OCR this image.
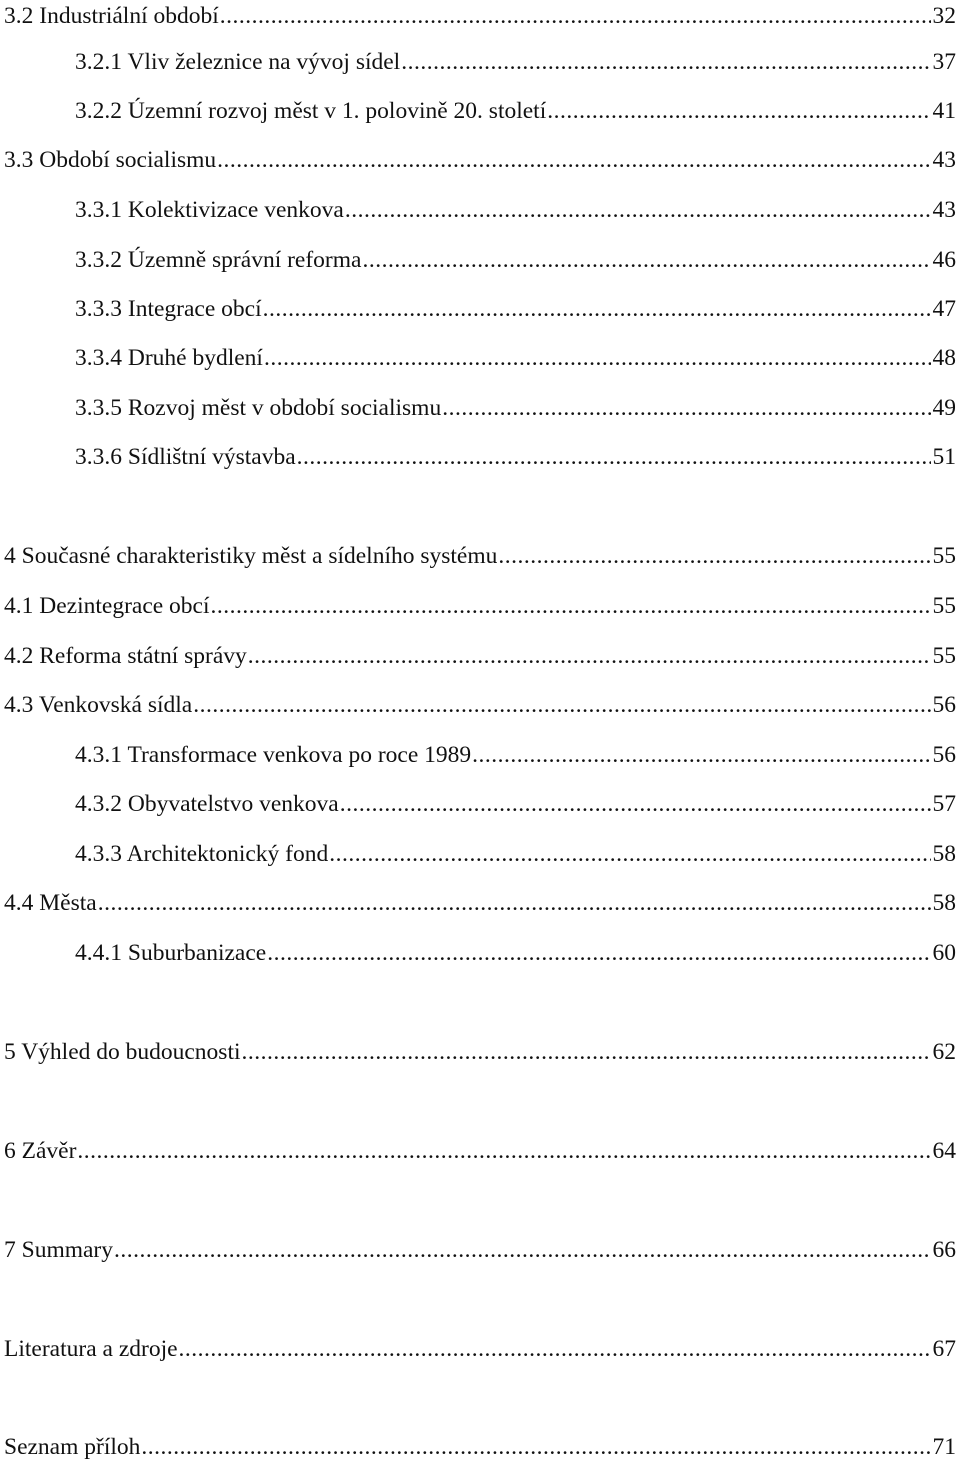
3.2 Industriální období .....	32
3.2.1 Vliv železnice na vývoj sídel .....	37
3.2.2 Územní rozvoj měst v 1. polovině 20. století .....	41
3.3 Období socialismu .....	43
3.3.1 Kolektivizace venkova .....	43
3.3.2 Územně správní reforma .....	46
3.3.3 Integrace obcí .....	47
3.3.4 Druhé bydlení .....	48
3.3.5 Rozvoj měst v období socialismu .....	49
3.3.6 Sídlištní výstavba .....	51
4 Současné charakteristiky měst a sídelního systému .....	55
4.1 Dezintegrace obcí .....	55
4.2 Reforma státní správy .....	55
4.3 Venkovská sídla .....	56
4.3.1 Transformace venkova po roce 1989 .....	56
4.3.2 Obyvatelstvo venkova .....	57
4.3.3 Architektonický fond .....	58
4.4 Města .....	58
4.4.1 Suburbanizace .....	60
5 Výhled do budoucnosti .....	62
6 Závěr .....	64
7 Summary .....	66
Literatura a zdroje .....	67
Seznam příloh .....	71
